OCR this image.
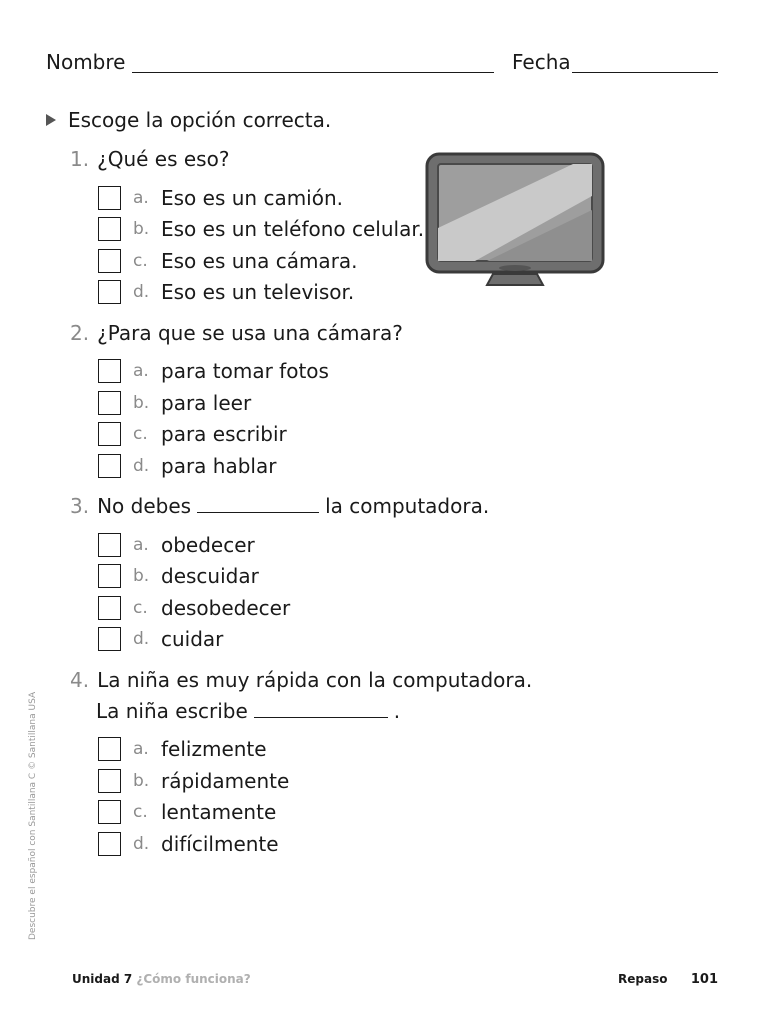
Nombre	Fecha
Escoge la opción correcta.
1. ¿Qué es eso?
a. Eso es un camión.
b. Eso es un teléfono celular.
c. Eso es una cámara.
d. Eso es un televisor.
2. ¿Para que se usa una cámara?
a. para tomar fotos
b. para leer
c. para escribir
d. para hablar
3. No debes	la computadora.
a. obedecer
b. descuidar
c. desobedecer
d. cuidar
4. La niña es muy rápida con la computadora.
La niña escribe	.
a. felizmente
b. rápidamente
c. lentamente
d. difícilmente
Descubre el español con Santillana C © Santillana USA
Unidad 7 ¿Cómo funciona?	Repaso 101
